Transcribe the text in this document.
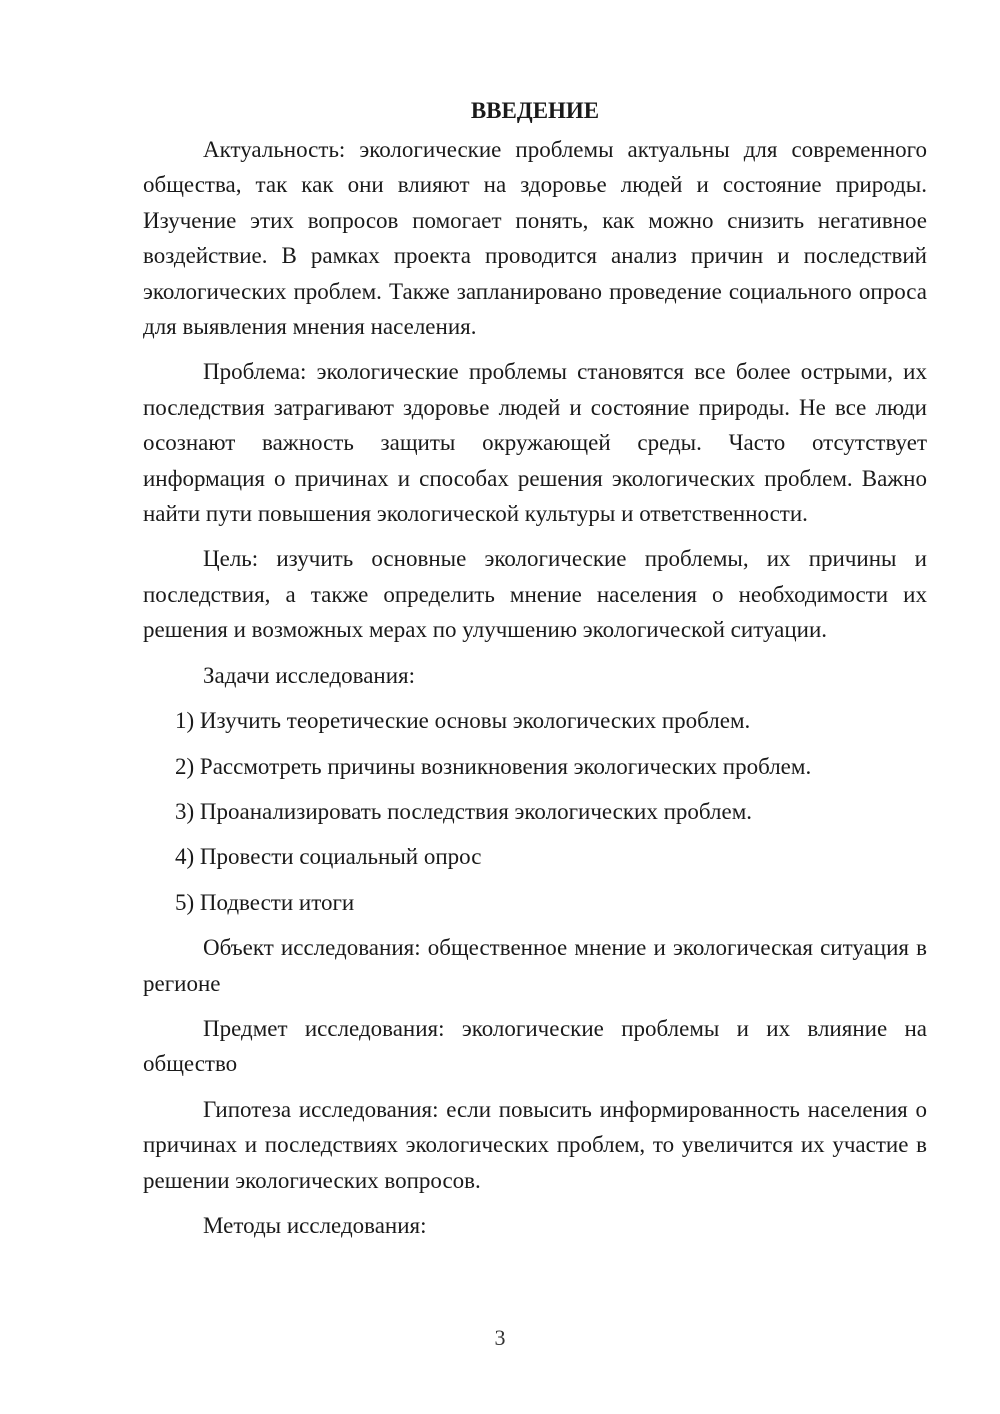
ВВЕДЕНИЕ

Актуальность: экологические проблемы актуальны для современного общества, так как они влияют на здоровье людей и состояние природы. Изучение этих вопросов помогает понять, как можно снизить негативное воздействие. В рамках проекта проводится анализ причин и последствий экологических проблем. Также запланировано проведение социального опроса для выявления мнения населения.

Проблема: экологические проблемы становятся все более острыми, их последствия затрагивают здоровье людей и состояние природы. Не все люди осознают важность защиты окружающей среды. Часто отсутствует информация о причинах и способах решения экологических проблем. Важно найти пути повышения экологической культуры и ответственности.

Цель: изучить основные экологические проблемы, их причины и последствия, а также определить мнение населения о необходимости их решения и возможных мерах по улучшению экологической ситуации.

Задачи исследования:

1) Изучить теоретические основы экологических проблем.

2) Рассмотреть причины возникновения экологических проблем.

3) Проанализировать последствия экологических проблем.

4) Провести социальный опрос

5) Подвести итоги

Объект исследования: общественное мнение и экологическая ситуация в регионе

Предмет исследования: экологические проблемы и их влияние на общество

Гипотеза исследования: если повысить информированность населения о причинах и последствиях экологических проблем, то увеличится их участие в решении экологических вопросов.

Методы исследования:

3
